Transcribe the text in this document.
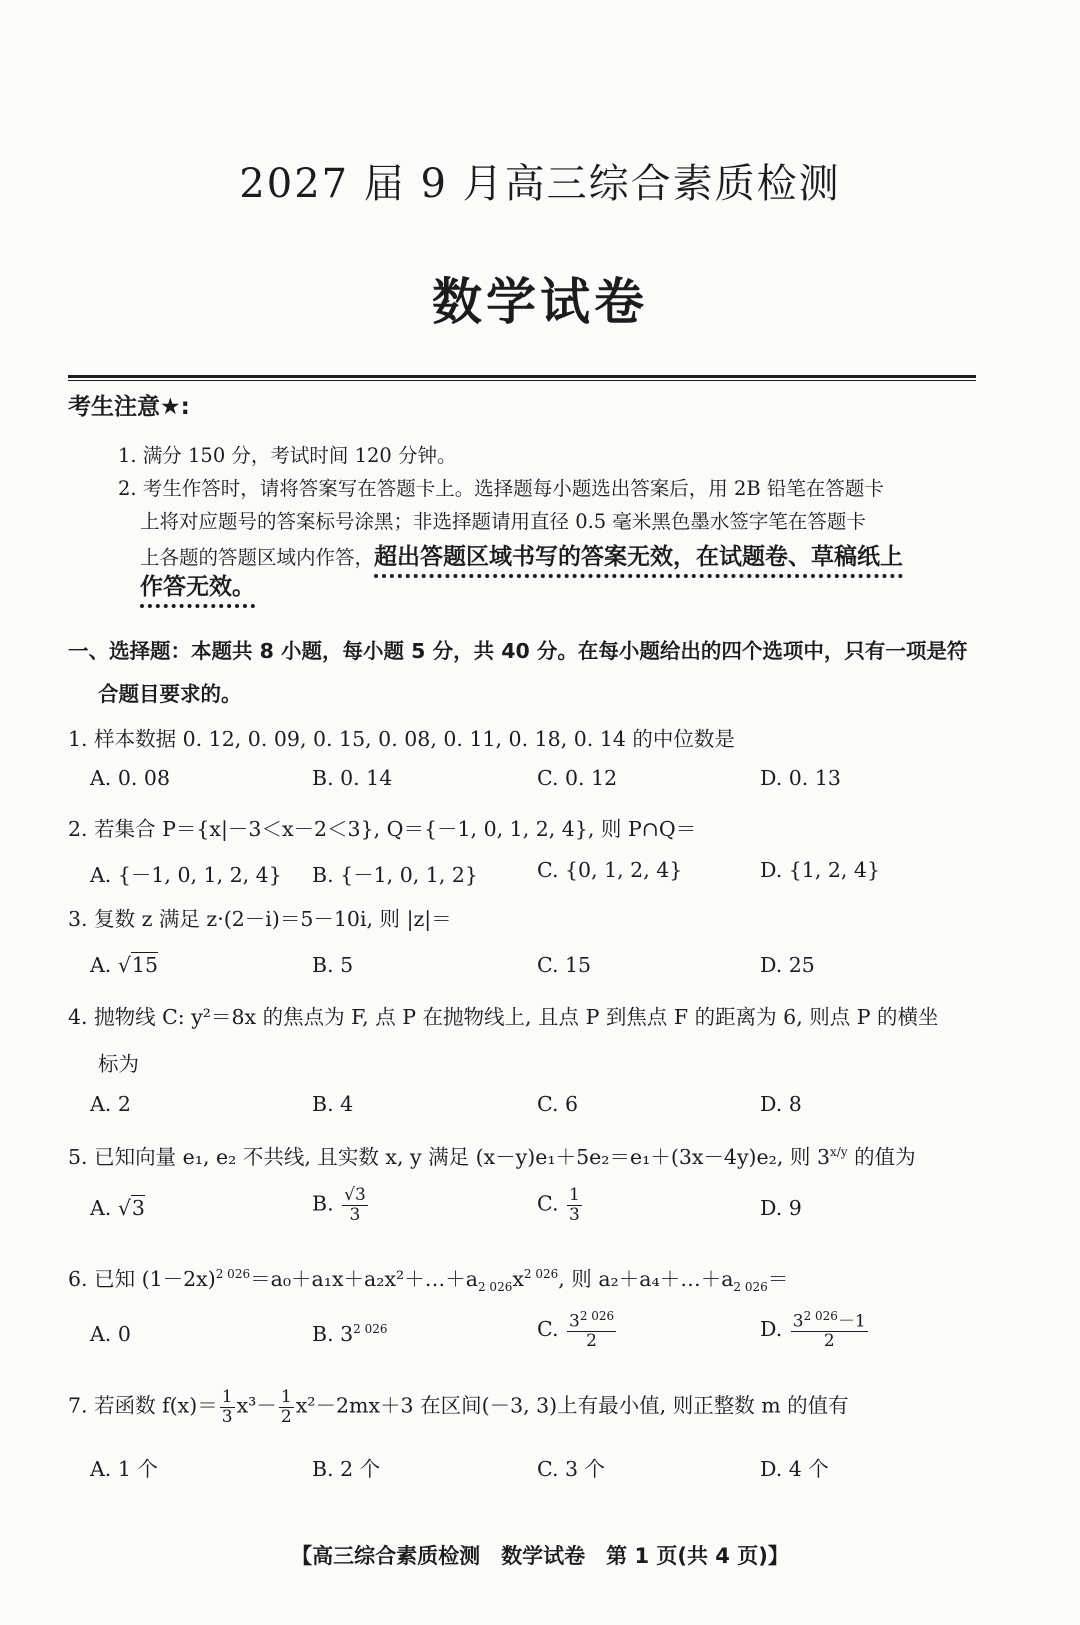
2027 届 9 月高三综合素质检测
数学试卷
考生注意★:
1. 满分 150 分，考试时间 120 分钟。
2. 考生作答时，请将答案写在答题卡上。选择题每小题选出答案后，用 2B 铅笔在答题卡
上将对应题号的答案标号涂黑；非选择题请用直径 0.5 毫米黑色墨水签字笔在答题卡
上各题的答题区域内作答，超出答题区域书写的答案无效，在试题卷、草稿纸上
作答无效。
一、选择题：本题共 8 小题，每小题 5 分，共 40 分。在每小题给出的四个选项中，只有一项是符
合题目要求的。
1. 样本数据 0. 12, 0. 09, 0. 15, 0. 08, 0. 11, 0. 18, 0. 14 的中位数是
A. 0. 08	B. 0. 14	C. 0. 12	D. 0. 13
2. 若集合 P＝{x|－3＜x－2＜3}, Q＝{－1, 0, 1, 2, 4}, 则 P∩Q＝
A. {－1, 0, 1, 2, 4} B. {－1, 0, 1, 2}	C. {0, 1, 2, 4}	D. {1, 2, 4}
3. 复数 z 满足 z·(2－i)＝5－10i, 则 |z|＝
A. √15	B. 5	C. 15	D. 25
4. 抛物线 C: y²＝8x 的焦点为 F, 点 P 在抛物线上, 且点 P 到焦点 F 的距离为 6, 则点 P 的横坐
标为
A. 2	B. 4	C. 6	D. 8
5. 已知向量 e₁, e₂ 不共线, 且实数 x, y 满足 (x－y)e₁＋5e₂＝e₁＋(3x－4y)e₂, 则 $3^{x/y}$ 的值为
A. √3	B. $\frac{√3}{3}$	C. $\frac{1}{3}$	D. 9
6. 已知 $(1-2x)^{2 026}=a_0+a_1x+a_2x^2+\dots+a_{2 026}x^{2 026}$, 则 $a_2+a_4+\dots+a_{2 026}=$
A. 0	B. $3^{2 026}$	C. $\frac{3^{2 026}}{2}$	D. $\frac{3^{2 026}-1}{2}$
7. 若函数 $f(x)= \frac{1}{3} x^3- \frac{1}{2} x^2-2mx+3$ 在区间(－3, 3)上有最小值, 则正整数 m 的值有
A. 1 个	B. 2 个	C. 3 个	D. 4 个
【高三综合素质检测　数学试卷　第 1 页(共 4 页)】
